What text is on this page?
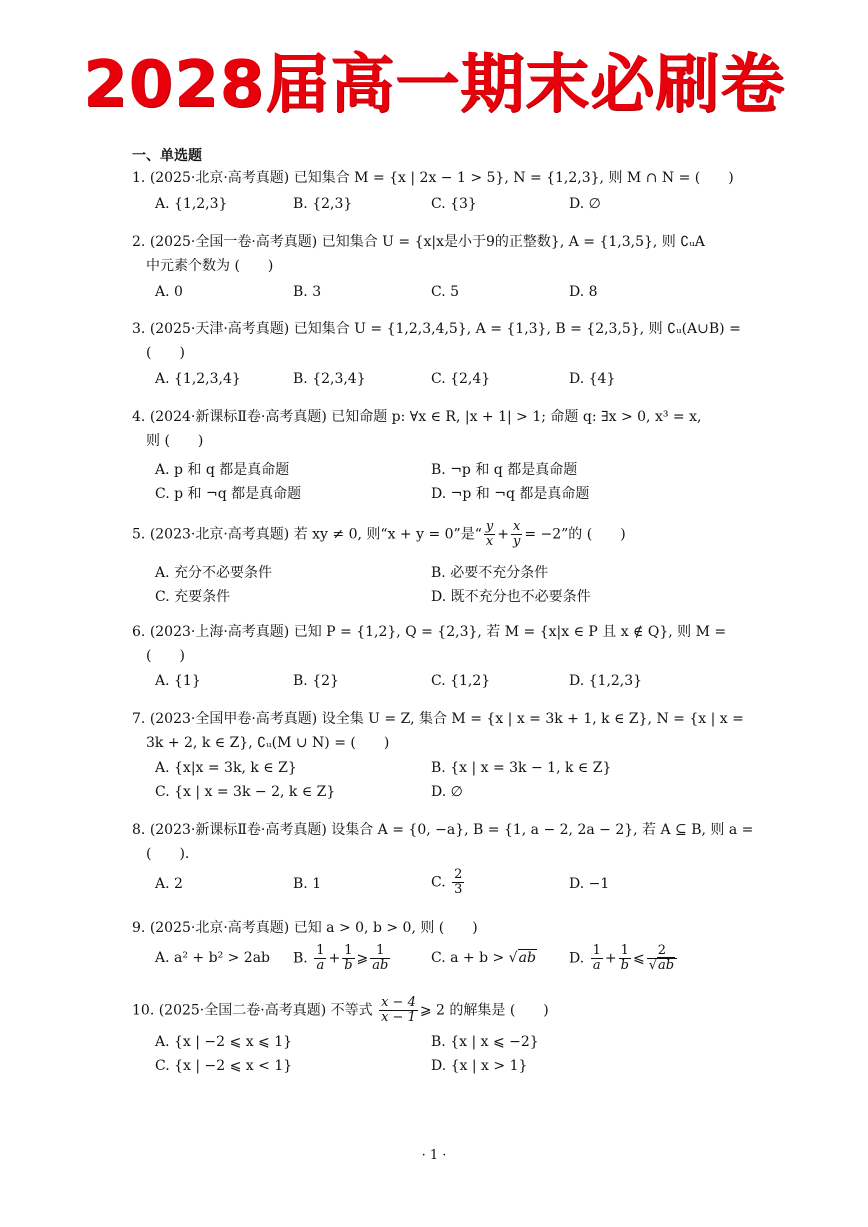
2028届高一期末必刷卷
一、单选题
1. (2025·北京·高考真题) 已知集合 M = {x | 2x − 1 > 5}, N = {1,2,3}, 则 M ∩ N = (　　)
A. {1,2,3}	B. {2,3}	C. {3}	D. ∅
2. (2025·全国一卷·高考真题) 已知集合 U = {x|x是小于9的正整数}, A = {1,3,5}, 则 ∁ᵤA
中元素个数为 (　　)
A. 0	B. 3	C. 5	D. 8
3. (2025·天津·高考真题) 已知集合 U = {1,2,3,4,5}, A = {1,3}, B = {2,3,5}, 则 ∁ᵤ(A∪B) =
(　　)
A. {1,2,3,4}	B. {2,3,4}	C. {2,4}	D. {4}
4. (2024·新课标Ⅱ卷·高考真题) 已知命题 p: ∀x ∈ R, |x + 1| > 1; 命题 q: ∃x > 0, x³ = x,
则 (　　)
A. p 和 q 都是真命题	B. ¬p 和 q 都是真命题
C. p 和 ¬q 都是真命题	D. ¬p 和 ¬q 都是真命题
5. (2023·北京·高考真题) 若 xy ≠ 0, 则“x + y = 0”是“ $\frac{y}{x} + \frac{x}{y} = -2$”的 (　　)
A. 充分不必要条件	B. 必要不充分条件
C. 充要条件	D. 既不充分也不必要条件
6. (2023·上海·高考真题) 已知 P = {1,2}, Q = {2,3}, 若 M = {x|x ∈ P 且 x ∉ Q}, 则 M =
(　　)
A. {1}	B. {2}	C. {1,2}	D. {1,2,3}
7. (2023·全国甲卷·高考真题) 设全集 U = Z, 集合 M = {x | x = 3k + 1, k ∈ Z}, N = {x | x =
3k + 2, k ∈ Z}, ∁ᵤ(M ∪ N) = (　　)
A. {x|x = 3k, k ∈ Z}	B. {x | x = 3k − 1, k ∈ Z}
C. {x | x = 3k − 2, k ∈ Z}	D. ∅
8. (2023·新课标Ⅱ卷·高考真题) 设集合 A = {0, −a}, B = {1, a − 2, 2a − 2}, 若 A ⊆ B, 则 a =
(　　).
A. 2	B. 1	C. $\frac{2}{3}$	D. −1
9. (2025·北京·高考真题) 已知 a > 0, b > 0, 则 (　　)
A. a² + b² > 2ab B. $\frac{1}{a} + \frac{1}{b}$ ⩾ $\frac{1}{ab}$	C. a + b > √ab D. $\frac{1}{a} + \frac{1}{b}$ ⩽ $\frac{2}{√ab}$
10. (2025·全国二卷·高考真题) 不等式 $\frac{x - 4}{x - 1}$ ⩾ 2 的解集是 (　　)
A. {x | −2 ⩽ x ⩽ 1}	B. {x | x ⩽ −2}
C. {x | −2 ⩽ x < 1}	D. {x | x > 1}
· 1 ·
